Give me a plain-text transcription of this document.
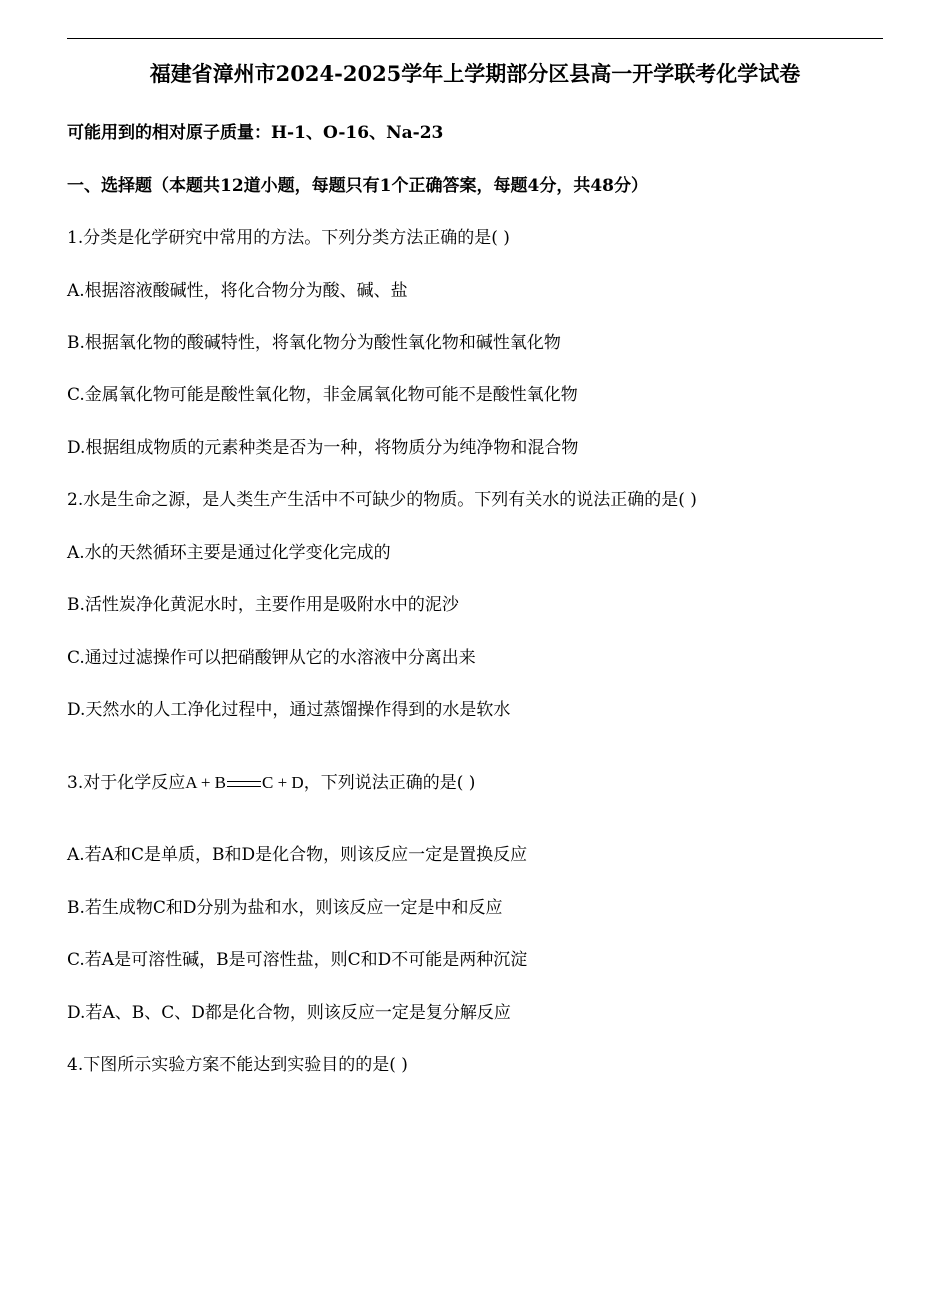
福建省漳州市2024-2025学年上学期部分区县高一开学联考化学试卷
可能用到的相对原子质量：H-1、O-16、Na-23
一、选择题（本题共12道小题，每题只有1个正确答案，每题4分，共48分）
1.分类是化学研究中常用的方法。下列分类方法正确的是( )
A.根据溶液酸碱性，将化合物分为酸、碱、盐
B.根据氧化物的酸碱特性，将氧化物分为酸性氧化物和碱性氧化物
C.金属氧化物可能是酸性氧化物，非金属氧化物可能不是酸性氧化物
D.根据组成物质的元素种类是否为一种，将物质分为纯净物和混合物
2.水是生命之源，是人类生产生活中不可缺少的物质。下列有关水的说法正确的是( )
A.水的天然循环主要是通过化学变化完成的
B.活性炭净化黄泥水时，主要作用是吸附水中的泥沙
C.通过过滤操作可以把硝酸钾从它的水溶液中分离出来
D.天然水的人工净化过程中，通过蒸馏操作得到的水是软水
3.对于化学反应A + B C + D，下列说法正确的是( )
A.若A和C是单质，B和D是化合物，则该反应一定是置换反应
B.若生成物C和D分别为盐和水，则该反应一定是中和反应
C.若A是可溶性碱，B是可溶性盐，则C和D不可能是两种沉淀
D.若A、B、C、D都是化合物，则该反应一定是复分解反应
4.下图所示实验方案不能达到实验目的的是( )
